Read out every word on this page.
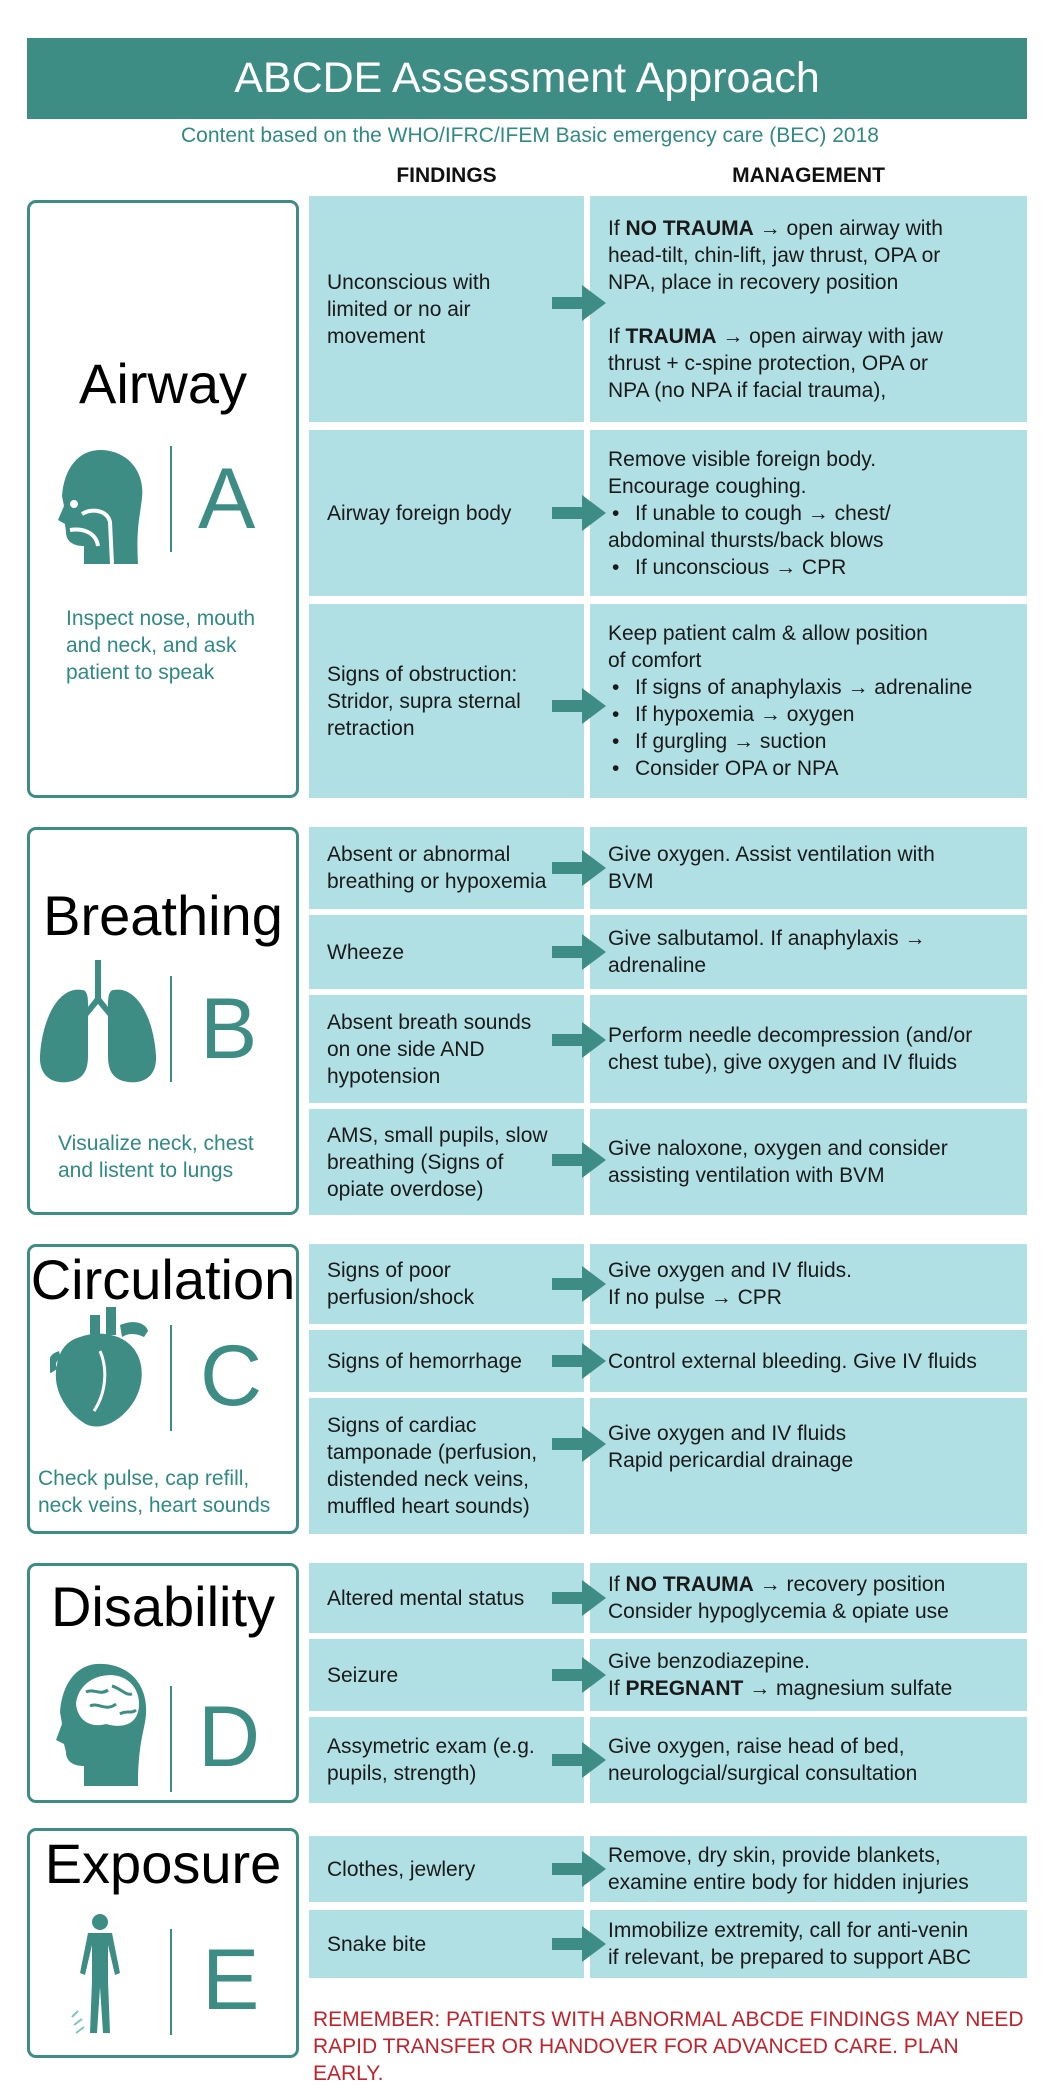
ABCDE Assessment Approach
Content based on the WHO/IFRC/IFEM Basic emergency care (BEC) 2018
FINDINGS	MANAGEMENT
Airway
A
Inspect nose, mouth
and neck, and ask
patient to speak
Unconscious with
limited or no air
movement
If NO TRAUMA → open airway with
head-tilt, chin-lift, jaw thrust, OPA or
NPA, place in recovery position
If TRAUMA → open airway with jaw
thrust + c-spine protection, OPA or
NPA (no NPA if facial trauma),
Airway foreign body
Remove visible foreign body.
Encourage coughing.
• If unable to cough → chest/
abdominal thursts/back blows
• If unconscious → CPR
Signs of obstruction:
Stridor, supra sternal
retraction
Keep patient calm & allow position
of comfort
• If signs of anaphylaxis → adrenaline
• If hypoxemia → oxygen
• If gurgling → suction
• Consider OPA or NPA
Breathing
B
Visualize neck, chest
and listent to lungs
Absent or abnormal
breathing or hypoxemia
Give oxygen. Assist ventilation with
BVM
Wheeze
Give salbutamol. If anaphylaxis →
adrenaline
Absent breath sounds
on one side AND
hypotension
Perform needle decompression (and/or
chest tube), give oxygen and IV fluids
AMS, small pupils, slow
breathing (Signs of
opiate overdose)
Give naloxone, oxygen and consider
assisting ventilation with BVM
Circulation
C
Check pulse, cap refill,
neck veins, heart sounds
Signs of poor
perfusion/shock
Give oxygen and IV fluids.
If no pulse → CPR
Signs of hemorrhage	Control external bleeding. Give IV fluids
Signs of cardiac
tamponade (perfusion,
distended neck veins,
muffled heart sounds)
Give oxygen and IV fluids
Rapid pericardial drainage
Disability
D
Altered mental status
If NO TRAUMA → recovery position
Consider hypoglycemia & opiate use
Seizure
Give benzodiazepine.
If PREGNANT → magnesium sulfate
Assymetric exam (e.g.
pupils, strength)
Give oxygen, raise head of bed,
neurologcial/surgical consultation
Exposure
E
Clothes, jewlery
Remove, dry skin, provide blankets,
examine entire body for hidden injuries
Snake bite
Immobilize extremity, call for anti-venin
if relevant, be prepared to support ABC
REMEMBER: PATIENTS WITH ABNORMAL ABCDE FINDINGS MAY NEED
RAPID TRANSFER OR HANDOVER FOR ADVANCED CARE. PLAN EARLY.
